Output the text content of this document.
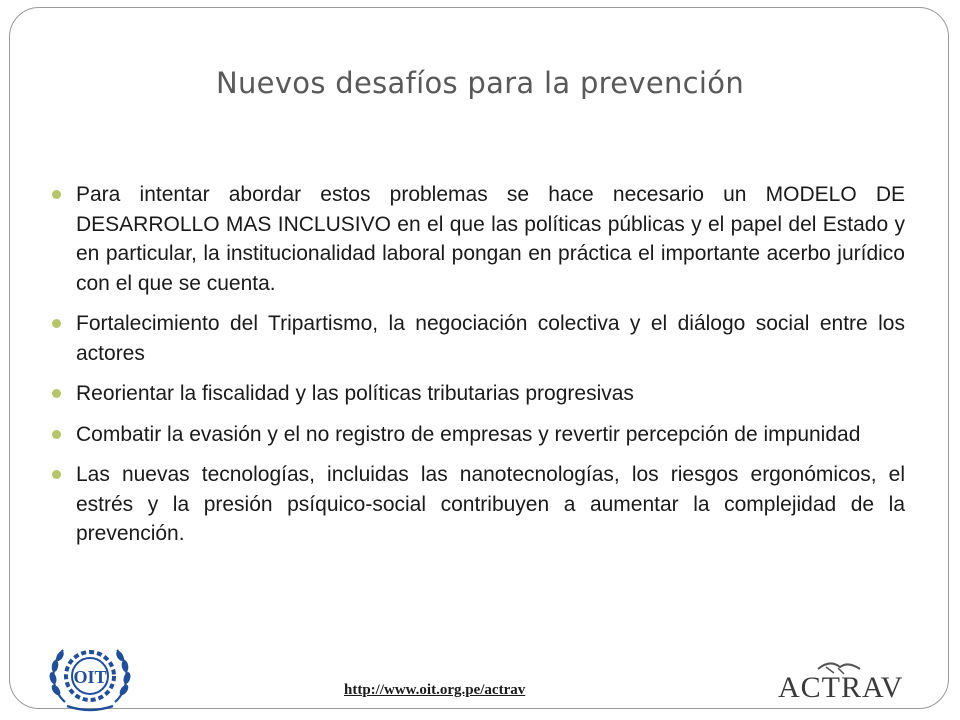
Nuevos desafíos para la prevención
Para intentar abordar estos problemas se hace necesario un MODELO DE DESARROLLO MAS INCLUSIVO en el que las políticas públicas y el papel del Estado y en particular, la institucionalidad laboral pongan en práctica el importante acerbo jurídico con el que se cuenta.
Fortalecimiento del Tripartismo, la negociación colectiva y el diálogo social entre los actores
Reorientar la fiscalidad y las políticas tributarias progresivas
Combatir la evasión y el no registro de empresas y revertir percepción de impunidad
Las nuevas tecnologías, incluidas las nanotecnologías, los riesgos ergonómicos, el estrés y la presión psíquico-social contribuyen a aumentar la complejidad de la prevención.
OIT
http://www.oit.org.pe/actrav	ACTRAV
